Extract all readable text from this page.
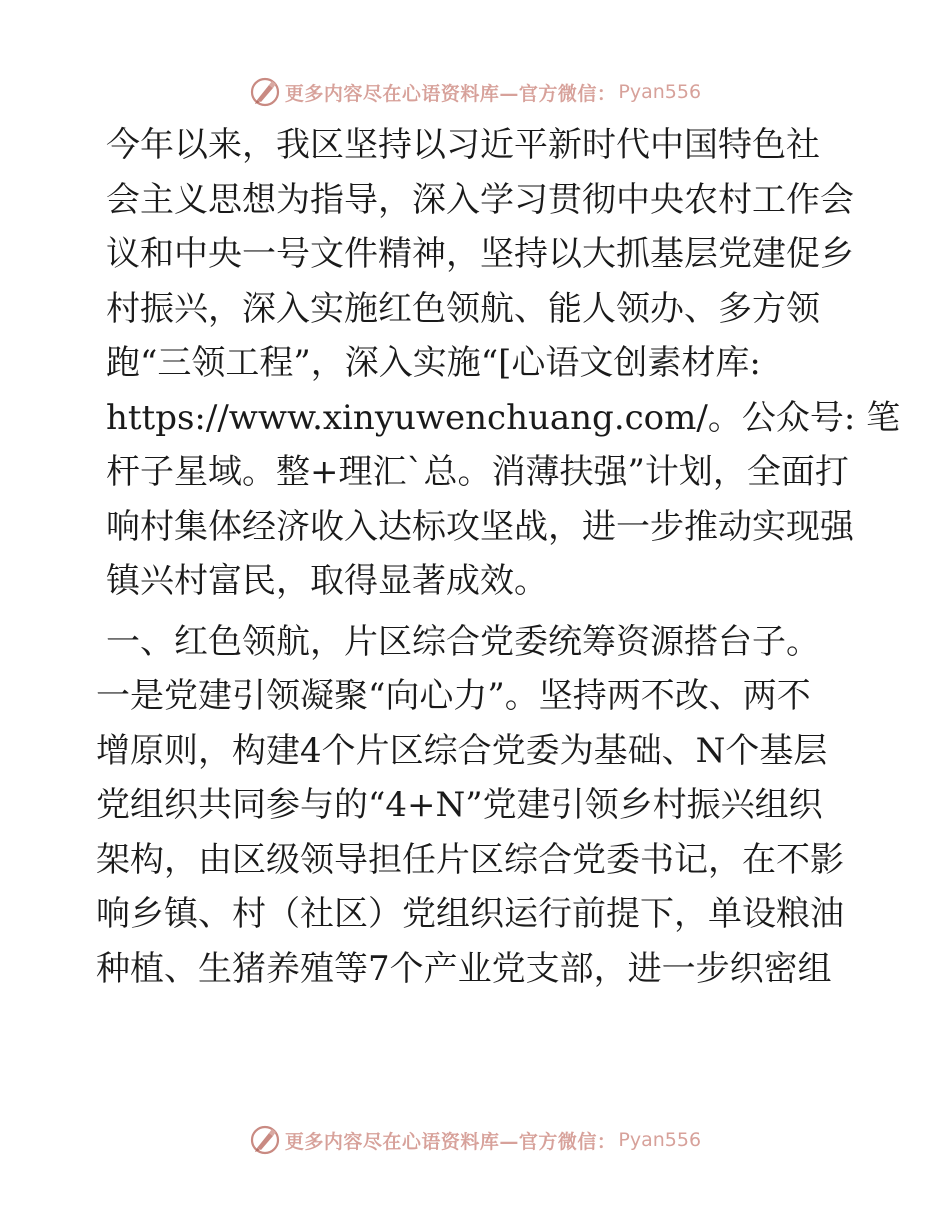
更多内容尽在心语资料库—官方微信： Pyan556

今年以来，我区坚持以习近平新时代中国特色社
会主义思想为指导，深入学习贯彻中央农村工作会
议和中央一号文件精神，坚持以大抓基层党建促乡
村振兴，深入实施红色领航、能人领办、多方领
跑“三领工程”，深入实施“[心语文创素材库:
https://www.xinyuwenchuang.com/。公众号: 笔
杆子星域。整+理汇`总。消薄扶强”计划，全面打
响村集体经济收入达标攻坚战，进一步推动实现强
镇兴村富民，取得显著成效。

一、红色领航，片区综合党委统筹资源搭台子。
一是党建引领凝聚“向心力”。坚持两不改、两不
增原则，构建4个片区综合党委为基础、N个基层
党组织共同参与的“4+N”党建引领乡村振兴组织
架构，由区级领导担任片区综合党委书记，在不影
响乡镇、村（社区）党组织运行前提下，单设粮油
种植、生猪养殖等7个产业党支部，进一步织密组

更多内容尽在心语资料库—官方微信： Pyan556
